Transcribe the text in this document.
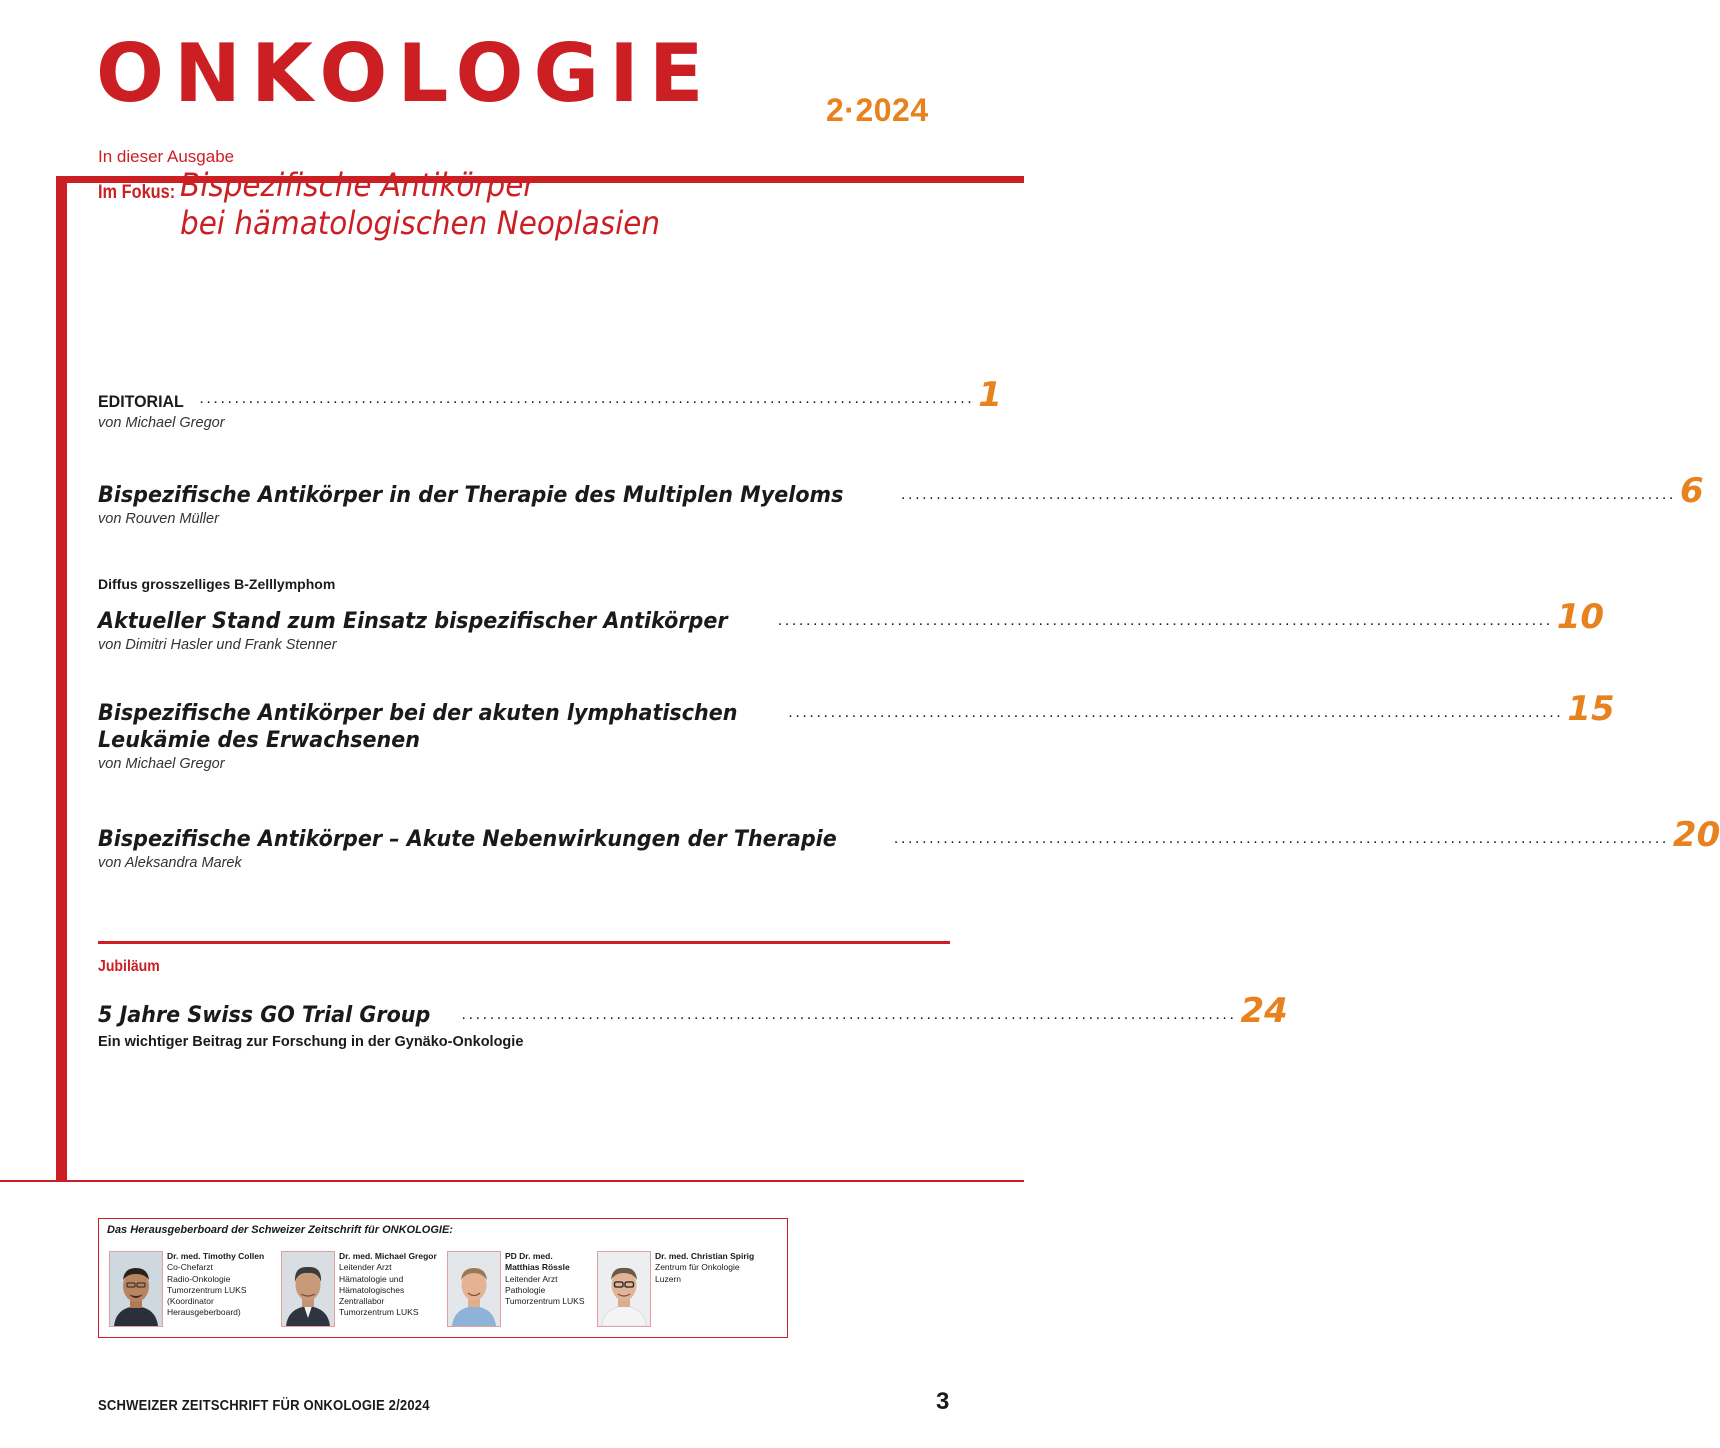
ONKOLOGIE	2·2024
In dieser Ausgabe
Im Fokus: Bispezifische Antikörper
bei hämatologischen Neoplasien
EDITORIAL .............................................................................................................. 1
von Michael Gregor
Bispezifische Antikörper in der Therapie des Multiplen Myeloms	.............................................................................................................. 6
von Rouven Müller
Diffus grosszelliges B-Zelllymphom
Aktueller Stand zum Einsatz bispezifischer Antikörper	.............................................................................................................. 10
von Dimitri Hasler und Frank Stenner
Bispezifische Antikörper bei der akuten lymphatischen	.............................................................................................................. 15
Leukämie des Erwachsenen
von Michael Gregor
Bispezifische Antikörper – Akute Nebenwirkungen der Therapie	.............................................................................................................. 20
von Aleksandra Marek
Jubiläum
5 Jahre Swiss GO Trial Group .............................................................................................................. 24
Ein wichtiger Beitrag zur Forschung in der Gynäko-Onkologie
Das Herausgeberboard der Schweizer Zeitschrift für ONKOLOGIE:
Dr. med. Timothy Collen
Co-Chefarzt
Radio-Onkologie
Tumorzentrum LUKS
(Koordinator
Herausgeberboard)
Dr. med. Michael Gregor
Leitender Arzt
Hämatologie und
Hämatologisches
Zentrallabor
Tumorzentrum LUKS
PD Dr. med.
Matthias Rössle
Leitender Arzt
Pathologie
Tumorzentrum LUKS
Dr. med. Christian Spirig
Zentrum für Onkologie
Luzern
SCHWEIZER ZEITSCHRIFT FÜR ONKOLOGIE 2/2024	3
